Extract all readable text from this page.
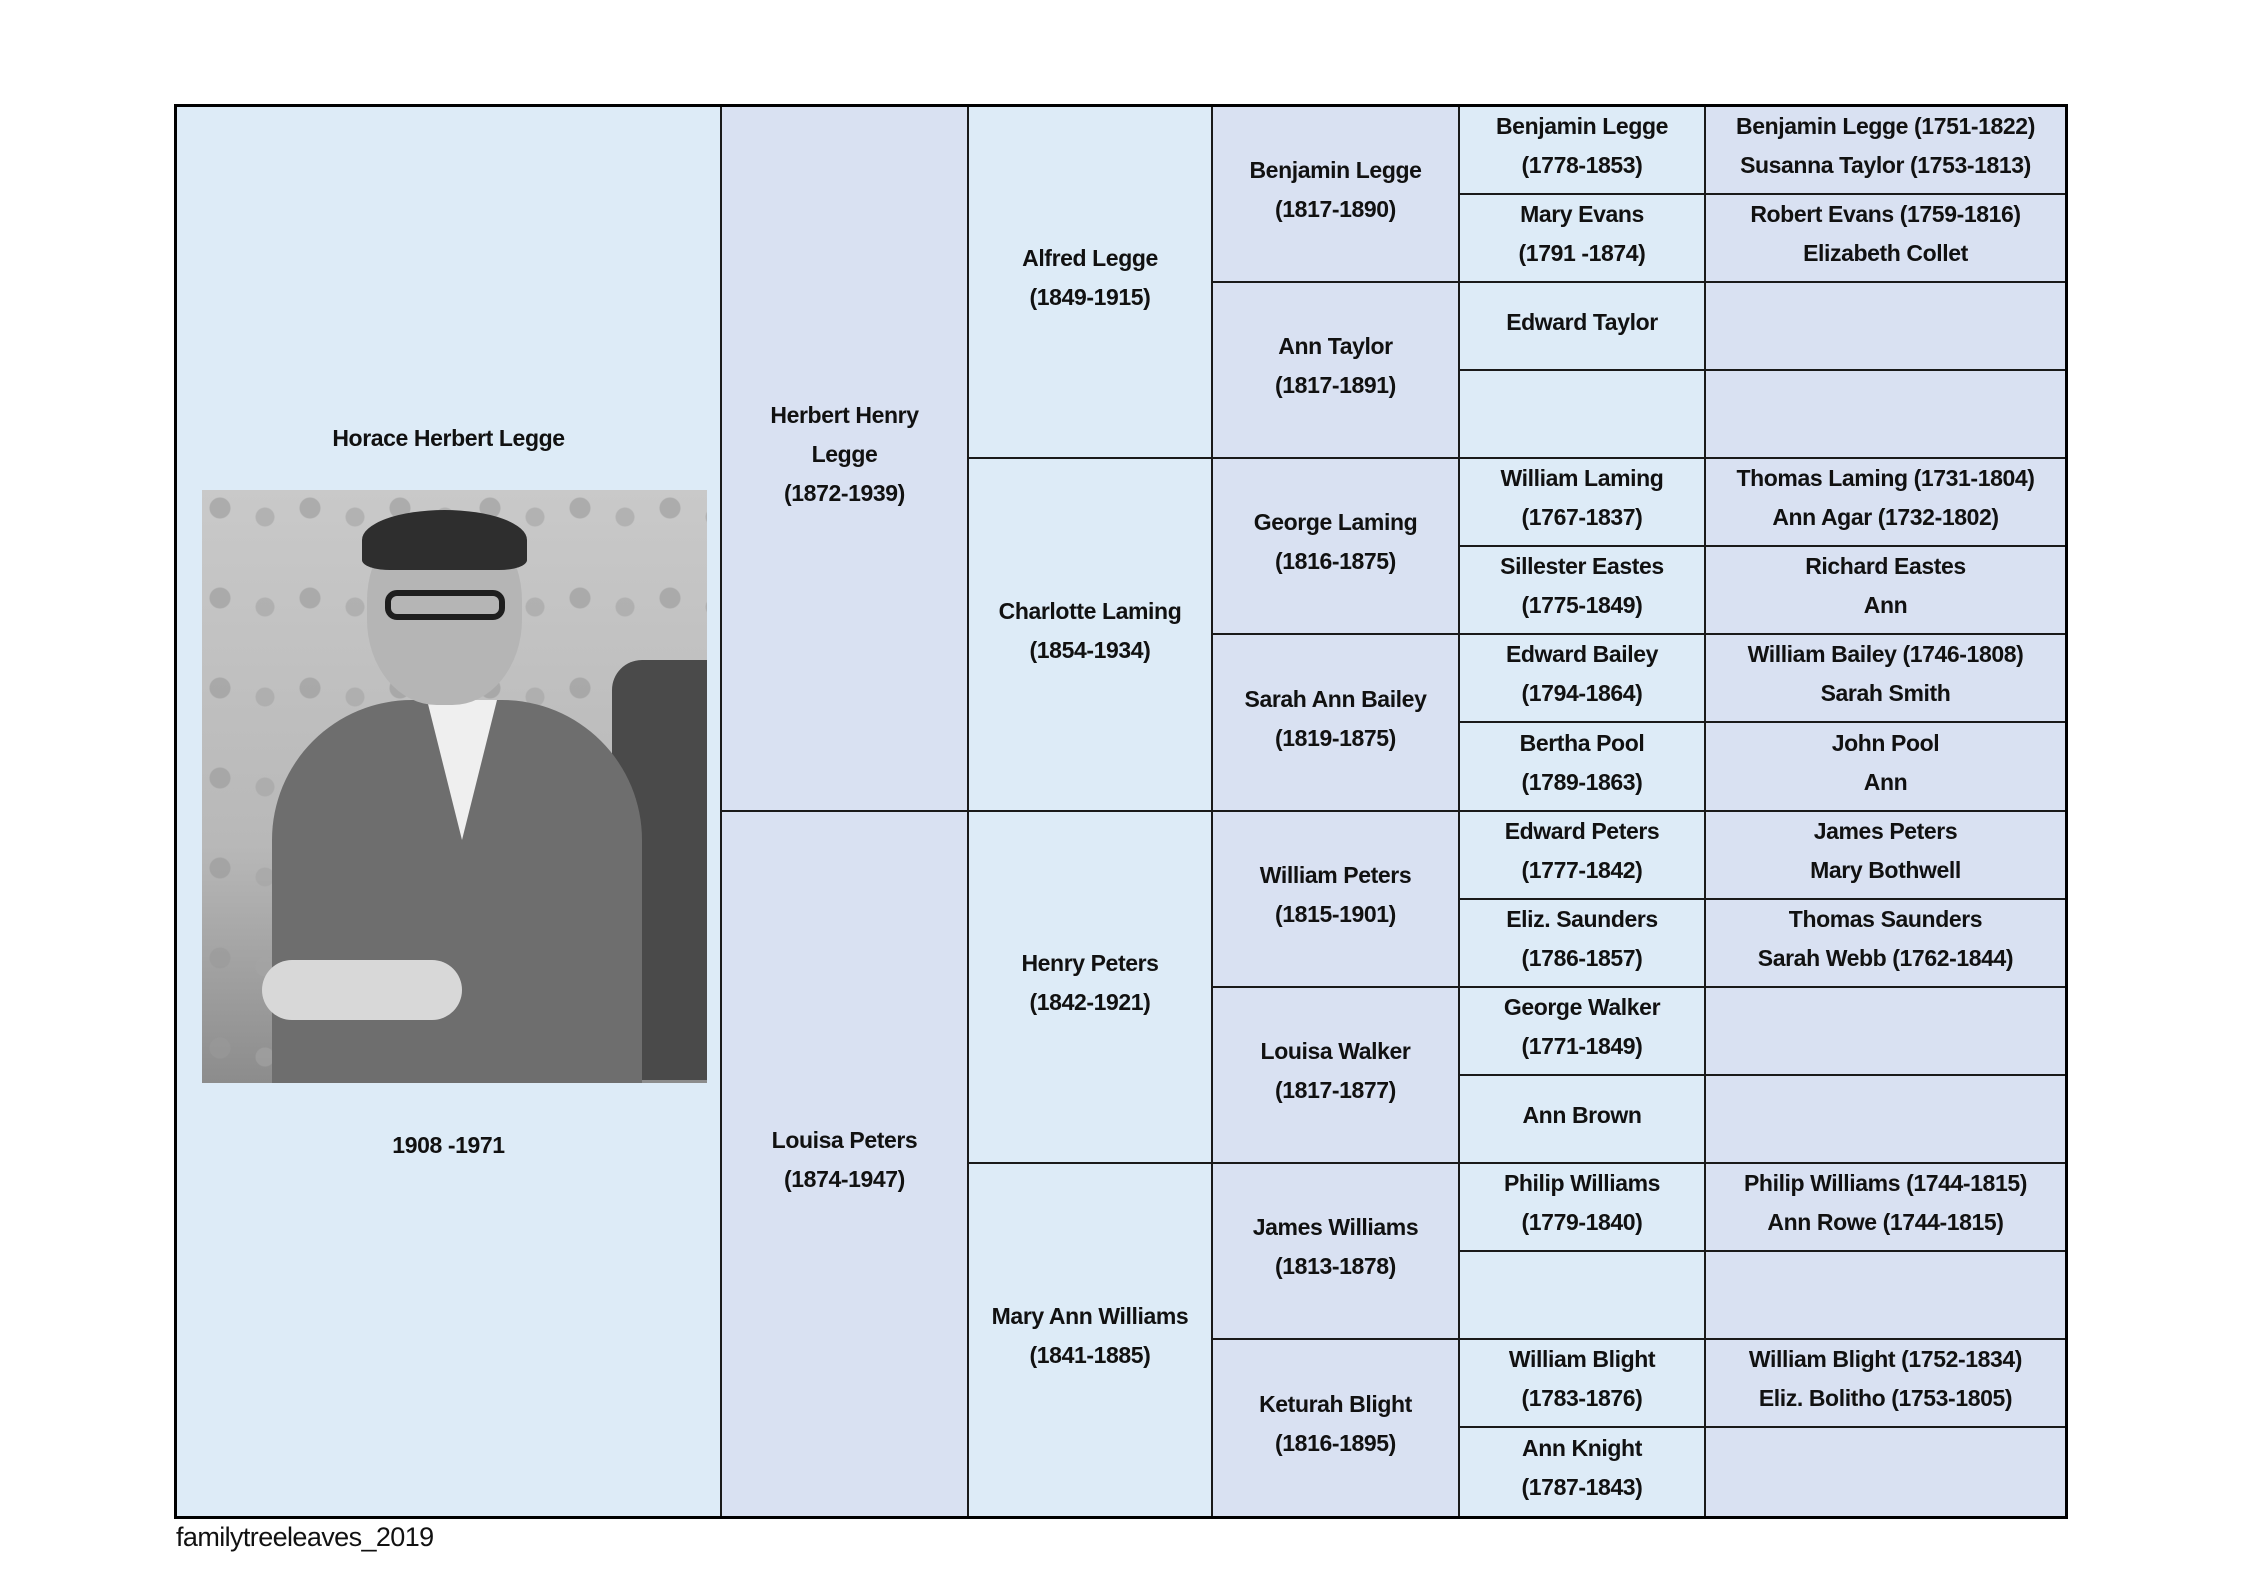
Horace Herbert Legge
1908 -1971
Herbert Henry
Legge
(1872-1939)
Louisa Peters
(1874-1947)
Alfred Legge
(1849-1915)
Charlotte Laming
(1854-1934)
Henry Peters
(1842-1921)
Mary Ann Williams
(1841-1885)
Benjamin Legge
(1817-1890)
Ann Taylor
(1817-1891)
George Laming
(1816-1875)
Sarah Ann Bailey
(1819-1875)
William Peters
(1815-1901)
Louisa Walker
(1817-1877)
James Williams
(1813-1878)
Keturah Blight
(1816-1895)
Benjamin Legge
(1778-1853)
Mary Evans
(1791 -1874)
Edward Taylor
William Laming
(1767-1837)
Sillester Eastes
(1775-1849)
Edward Bailey
(1794-1864)
Bertha Pool
(1789-1863)
Edward Peters
(1777-1842)
Eliz. Saunders
(1786-1857)
George Walker
(1771-1849)
Ann Brown
Philip Williams
(1779-1840)
William Blight
(1783-1876)
Ann Knight
(1787-1843)
Benjamin Legge (1751-1822)
Susanna Taylor (1753-1813)
Robert Evans (1759-1816)
Elizabeth Collet
Thomas Laming (1731-1804)
Ann Agar (1732-1802)
Richard Eastes
Ann
William Bailey (1746-1808)
Sarah Smith
John Pool
Ann
James Peters
Mary Bothwell
Thomas Saunders
Sarah Webb (1762-1844)
Philip Williams (1744-1815)
Ann Rowe (1744-1815)
William Blight (1752-1834)
Eliz. Bolitho (1753-1805)
familytreeleaves_2019
